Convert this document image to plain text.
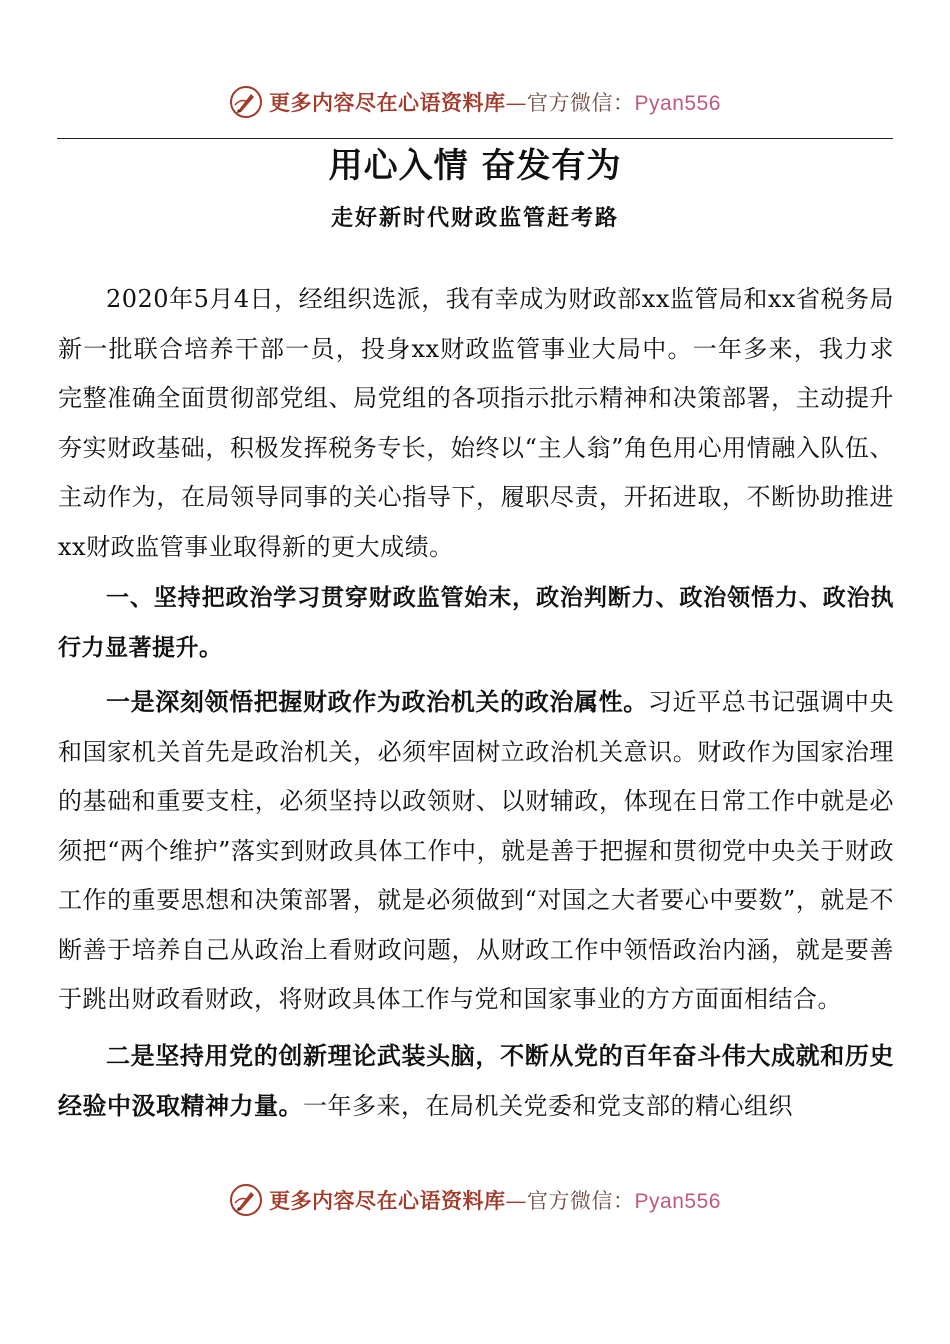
更多内容尽在心语资料库—官方微信：Pyan556
用心入情 奋发有为
走好新时代财政监管赶考路

2020年5月4日，经组织选派，我有幸成为财政部xx监管局和xx省税务局新一批联合培养干部一员，投身xx财政监管事业大局中。一年多来，我力求完整准确全面贯彻部党组、局党组的各项指示批示精神和决策部署，主动提升夯实财政基础，积极发挥税务专长，始终以“主人翁”角色用心用情融入队伍、主动作为，在局领导同事的关心指导下，履职尽责，开拓进取，不断协助推进xx财政监管事业取得新的更大成绩。

一、坚持把政治学习贯穿财政监管始末，政治判断力、政治领悟力、政治执行力显著提升。

一是深刻领悟把握财政作为政治机关的政治属性。习近平总书记强调中央和国家机关首先是政治机关，必须牢固树立政治机关意识。财政作为国家治理的基础和重要支柱，必须坚持以政领财、以财辅政，体现在日常工作中就是必须把“两个维护”落实到财政具体工作中，就是善于把握和贯彻党中央关于财政工作的重要思想和决策部署，就是必须做到“对国之大者要心中要数”，就是不断善于培养自己从政治上看财政问题，从财政工作中领悟政治内涵，就是要善于跳出财政看财政，将财政具体工作与党和国家事业的方方面面相结合。

二是坚持用党的创新理论武装头脑，不断从党的百年奋斗伟大成就和历史经验中汲取精神力量。一年多来，在局机关党委和党支部的精心组织

更多内容尽在心语资料库—官方微信：Pyan556
